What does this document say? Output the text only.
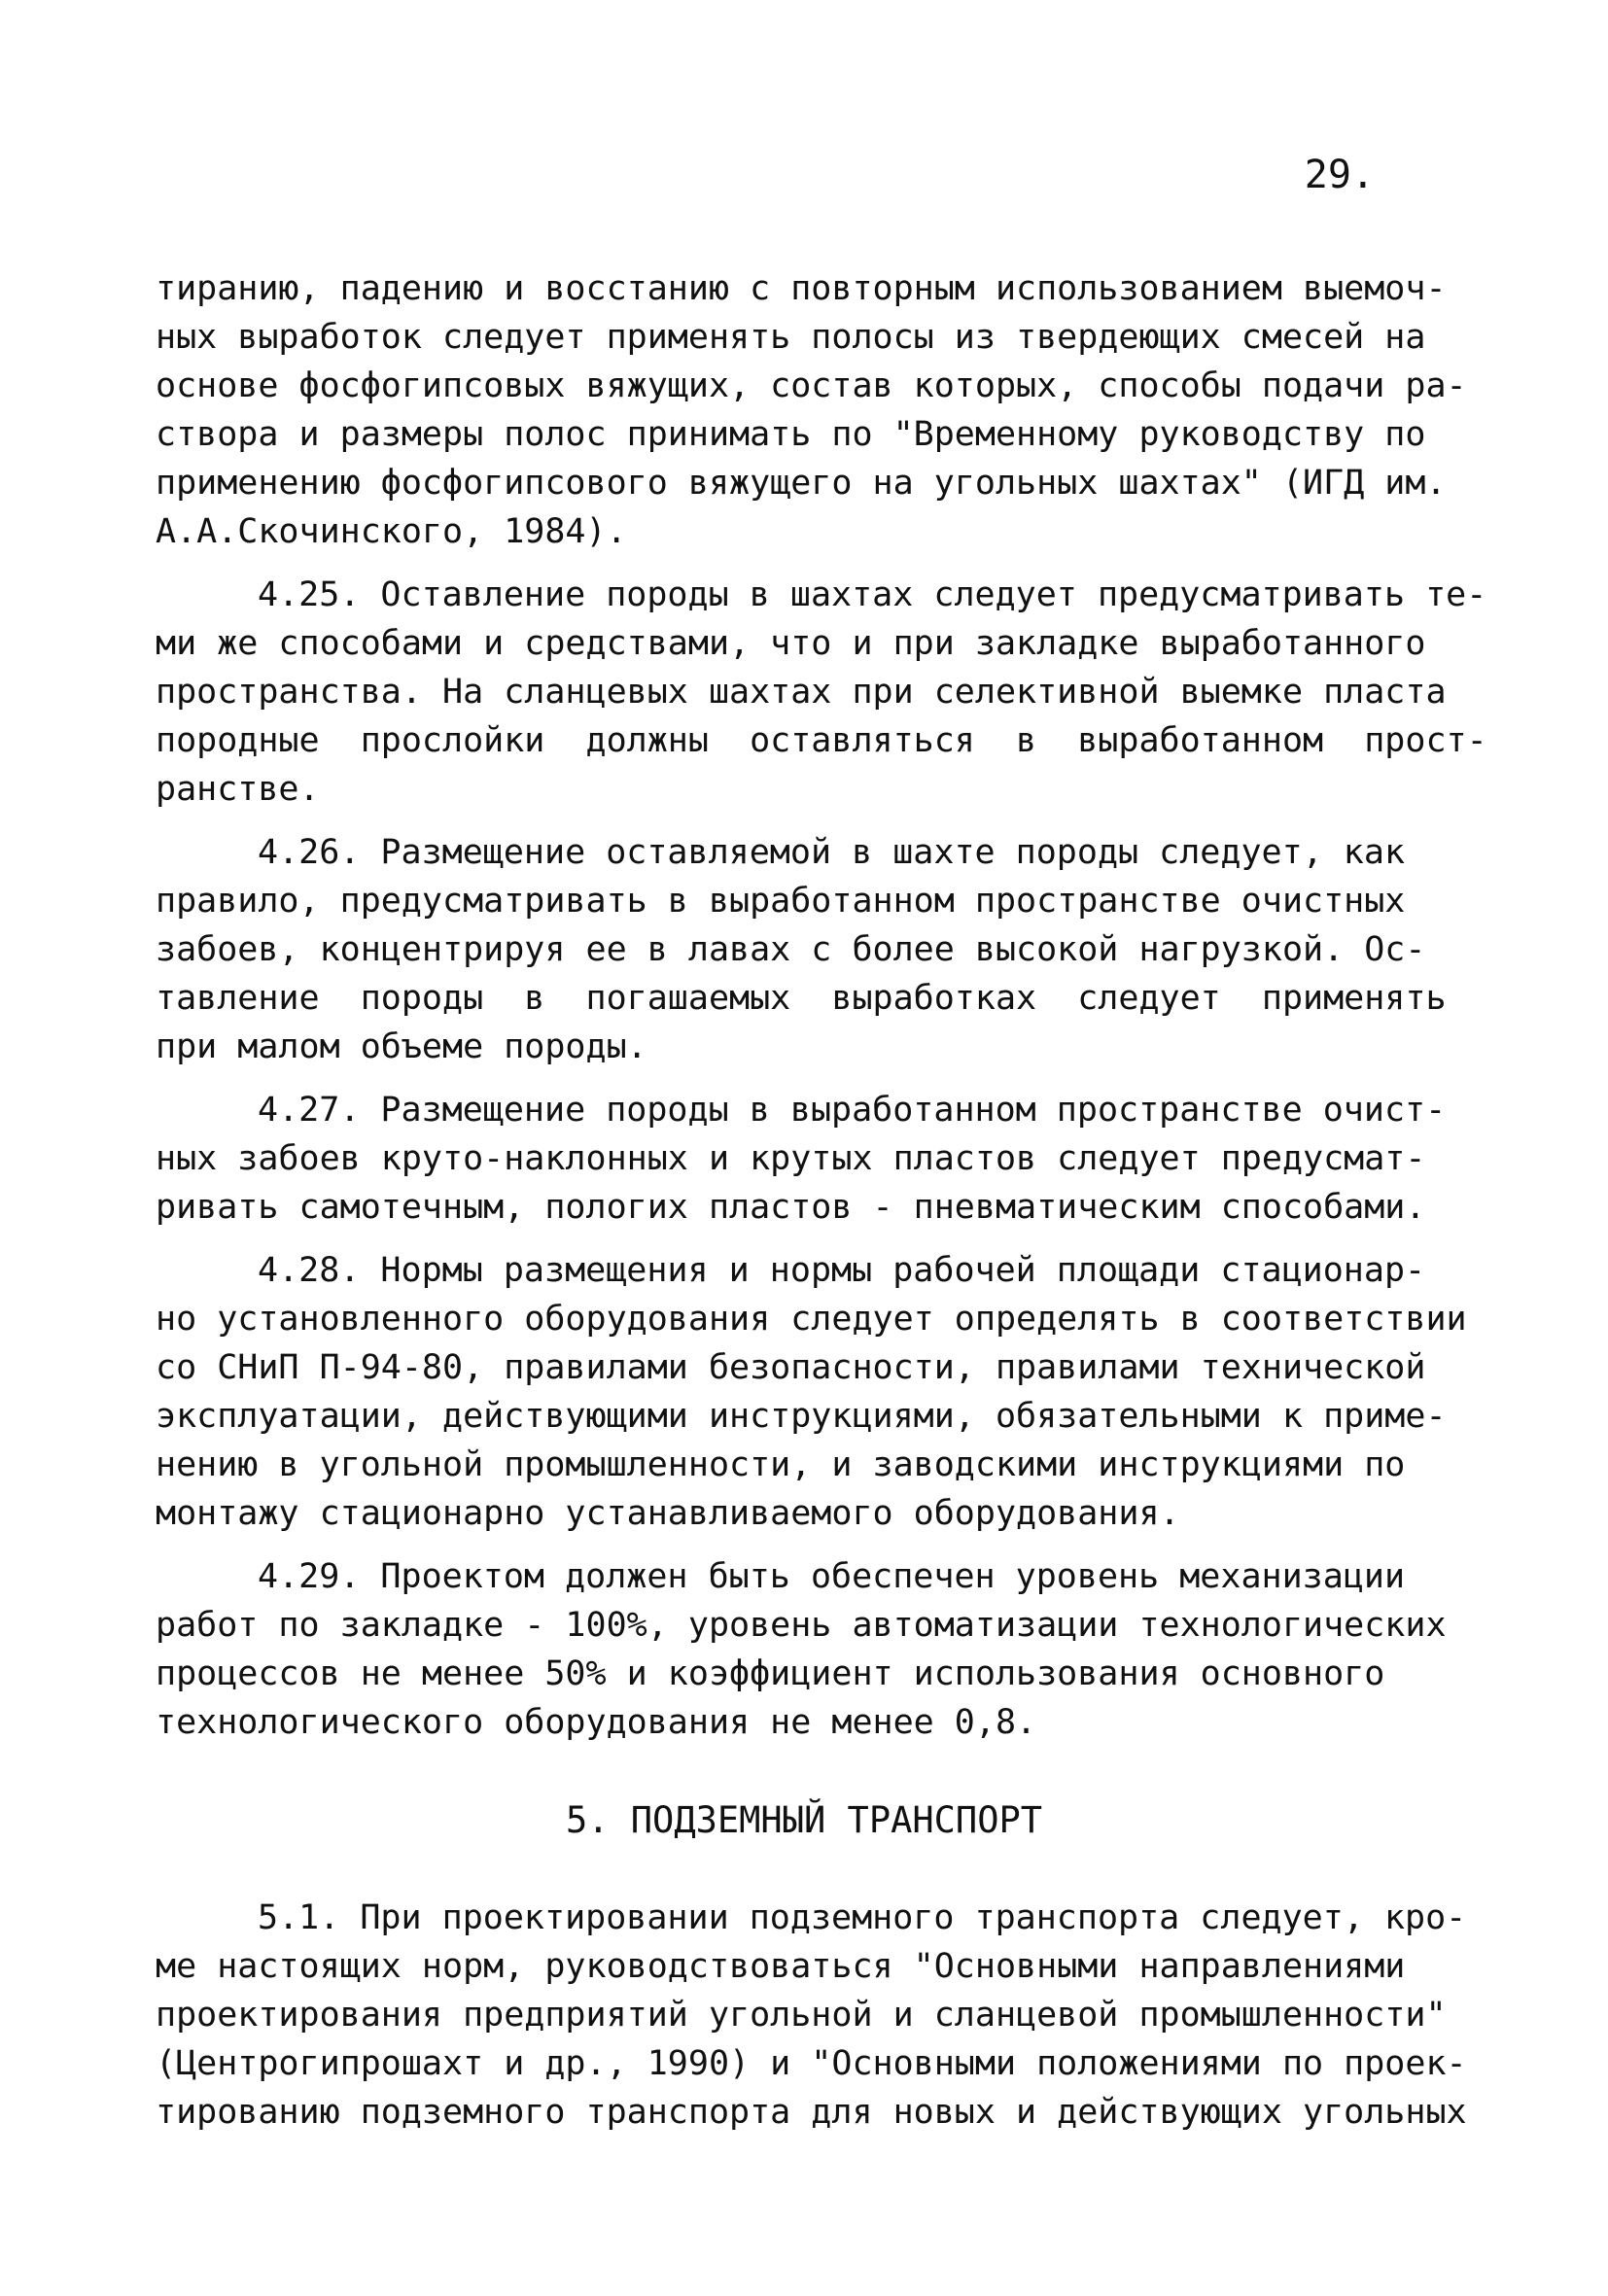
29.
тиранию, падению и восстанию с повторным использованием выемоч-
ных выработок следует применять полосы из твердеющих смесей на
основе фосфогипсовых вяжущих, состав которых, способы подачи ра-
створа и размеры полос принимать по "Временному руководству по
применению фосфогипсового вяжущего на угольных шахтах" (ИГД им.
А.А.Скочинского, 1984).
4.25. Оставление породы в шахтах следует предусматривать те-
ми же способами и средствами, что и при закладке выработанного
пространства. На сланцевых шахтах при селективной выемке пласта
породные  прослойки  должны  оставляться  в  выработанном  прост-
ранстве.
4.26. Размещение оставляемой в шахте породы следует, как
правило, предусматривать в выработанном пространстве очистных
забоев, концентрируя ее в лавах с более высокой нагрузкой. Ос-
тавление  породы  в  погашаемых  выработках  следует  применять
при малом объеме породы.
4.27. Размещение породы в выработанном пространстве очист-
ных забоев круто-наклонных и крутых пластов следует предусмат-
ривать самотечным, пологих пластов - пневматическим способами.
4.28. Нормы размещения и нормы рабочей площади стационар-
но установленного оборудования следует определять в соответствии
со СНиП П-94-80, правилами безопасности, правилами технической
эксплуатации, действующими инструкциями, обязательными к приме-
нению в угольной промышленности, и заводскими инструкциями по
монтажу стационарно устанавливаемого оборудования.
4.29. Проектом должен быть обеспечен уровень механизации
работ по закладке - 100%, уровень автоматизации технологических
процессов не менее 50% и коэффициент использования основного
технологического оборудования не менее 0,8.
5. ПОДЗЕМНЫЙ ТРАНСПОРТ
5.1. При проектировании подземного транспорта следует, кро-
ме настоящих норм, руководствоваться "Основными направлениями
проектирования предприятий угольной и сланцевой промышленности"
(Центрогипрошахт и др., 1990) и "Основными положениями по проек-
тированию подземного транспорта для новых и действующих угольных
